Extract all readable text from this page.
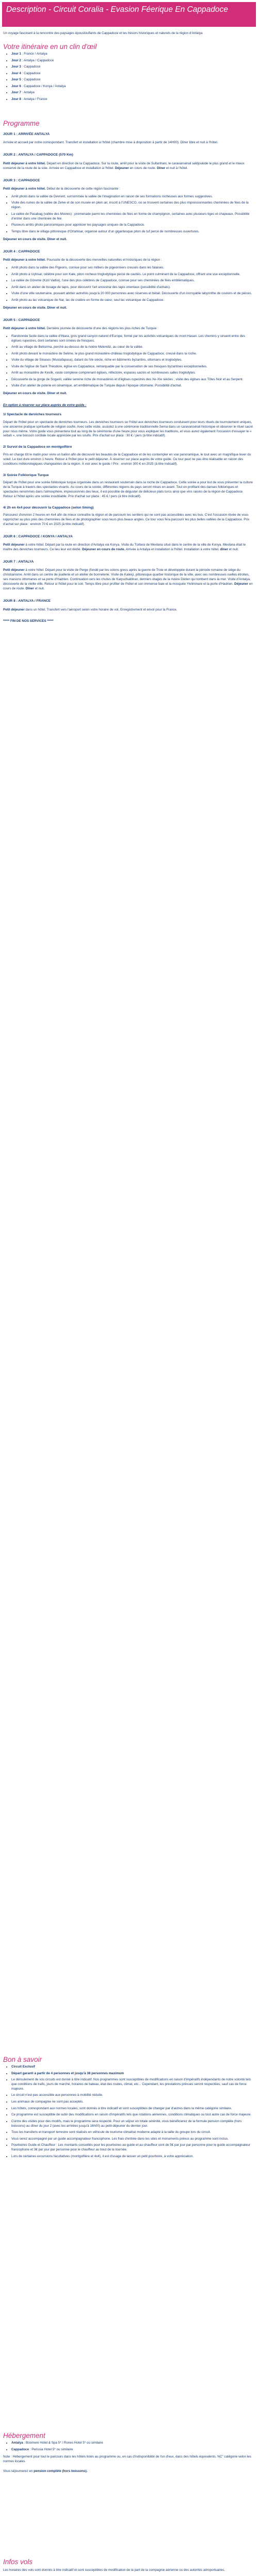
Description - Circuit Coralia - Evasion Féerique En Cappadoce

Un voyage fascinant à la rencontre des paysages époustouflants de Cappadoce et les trésors historiques et naturels de la région d'Antalya

Votre itinéraire en un clin d'œil
• Jour 1 : France / Antalya
• Jour 2 : Antalya / Cappadoce
• Jour 3 : Cappadoce
• Jour 4 : Cappadoce
• Jour 5 : Cappadoce
• Jour 6 : Cappadoce / Konya / Antalya
• Jour 7 : Antalya
• Jour 8 : Antalya / France
Programme

JOUR 1 : ARRIVÉE ANTALYA

Arrivée et accueil par notre correspondant. Transfert et installation à l'hôtel (chambre mise à disposition à partir de 14H00). Dîner libre et nuit à l'hôtel.

JOUR 2 : ANTALYA / CAPPADOCE (570 Km)

Petit déjeuner à votre hôtel. Départ en direction de la Cappadoce. Sur la route, arrêt pour la visite de Sultanhani, le caravansérail seldjoukide le plus grand et le mieux conservé de la route de la soie. Arrivée en Cappadoce et installation à l'hôtel. Déjeuner en cours de route. Dîner et nuit à l'hôtel.

JOUR 3 : CAPPADOCE

Petit déjeuner à votre hôtel. Début de la découverte de cette région fascinante :

• Arrêt photo dans la vallée de Devrent, surnommée la vallée de l'imagination en raison de ses formations rocheuses aux formes suggestives.
• Visite des ruines de la vallée de Zelve et de son musée en plein air, inscrit à l'UNESCO, où se trouvent certaines des plus impressionnantes cheminées de fées de la région.
• La vallée de Pasabag (vallée des Moines) : promenade parmi les cheminées de fées en forme de champignon, certaines avec plusieurs tiges et chapeaux. Possibilité d'entrer dans une cheminée de fée.
• Plusieurs arrêts photo panoramiques pour apprécier les paysages uniques de la Cappadoce.
• Temps libre dans le village pittoresque d'Ortahisar, organisé autour d'un gigantesque piton de tuf percé de nombreuses ouvertures.

Déjeuner en cours de visite. Dîner et nuit.

JOUR 4 : CAPPADOCE

Petit déjeuner à votre hôtel. Poursuite de la découverte des merveilles naturelles et historiques de la région :

• Arrêt photo dans la vallée des Pigeons, connue pour ses milliers de pigeonniers creusés dans les falaises.
• Arrêt photo à Uçhisar, célèbre pour son Kale, piton rocheux troglodytique percé de cavités. Le point culminant de la Cappadoce, offrant une vue exceptionnelle.
• La vallée de Göreme (Kizil Vadisi), l'une des plus célèbres de Cappadoce, connue pour ses cheminées de fées emblématiques.
• Arrêt dans un atelier de tissage de tapis, pour découvrir l'art ancestral des tapis orientaux (possibilité d'achats).
• Visite d'une ville souterraine, pouvant abriter autrefois jusqu'à 20 000 personnes avec réserves et bétail. Découverte d'un incroyable labyrinthe de couloirs et de pièces.
• Arrêt photo au lac volcanique de Nar, lac de cratère en forme de cœur, seul lac volcanique de Cappadoce.

Déjeuner en cours de visite. Dîner et nuit.

JOUR 5 : CAPPADOCE

Petit déjeuner à votre hôtel. Dernière journée de découverte d'une des régions les plus riches de Turquie :

• Randonnée facile dans la vallée d'Ihlara, gros grand canyon naturel d'Europe, formé par les activités volcaniques du mont Hasan. Les chemins y sinuent entre des églises rupestres, dont certaines sont ornées de fresques.
• Arrêt au village de Belisirma, perché au-dessus de la rivière Melendiz, au cœur de la vallée.
• Arrêt photo devant le monastère de Selime, le plus grand monastère-château troglodytique de Cappadoce, creusé dans la roche.
• Visite du village de Sinasos (Mustafapasa), datant du IVe siècle, riche en bâtiments byzantins, ottomans et troglodytes.
• Visite de l'église de Saint Théodore, église en Cappadoce, remarquable par la conservation de ses fresques byzantines exceptionnelles.
• Arrêt au monastère de Keslik, vaste complexe comprenant églises, réfectoire, espaces sacrés et nombreuses salles troglodytes.
• Découverte de la gorge de Soganli, vallée sereine riche de monastères et d'églises rupestres des Xe-XIe siècles ; visite des églises aux Tôles Noir et au Serpent.
• Visite d'un atelier de poterie en céramique, art emblématique de Turquie depuis l'époque ottomane. Possibilité d'achat.

Déjeuner en cours de visite. Dîner et nuit.

En option à réserver sur place auprès de votre guide :

1/ Spectacle de derviches tourneurs

Départ de l'hôtel pour un spectacle de derviches tourneurs. Les derviches tourneurs se l'hôtel aux derviches tourneurs conduisent pour leurs rituels de tournoiement uniques, une ancienne pratique spirituelle de religion soufie. Avec cette visite, assistez à une cérémonie traditionnelle Sema dans un caravansérail historique et observer le rituel sacré pour nous même. Votre guide vous présentera tout au long de la cérémonie d'une heure pour vous expliquer les traditions, et vous aurez également l'occasion d'essayer le « sebah », une boisson cordiale locale appréciée par les soufis. Prix d'achat sur place : 30 € / pers (à titre indicatif).

2/ Survol de la Cappadoce en montgolfière

Pris en charge tôt le matin pour vivre un ballon afin de découvrir les beautés de la Cappadoce et de les contempler en vue panoramique, le tout avec un magnifique lever du soleil. Le tout dure environ 1 heure. Retour à l'hôtel pour le petit déjeuner. À réserver sur place auprès de votre guide. Ce tour peut ne pas être réalisable en raison des conditions météorologiques changeantes de la région. À voir avec le guide / Prix : environ 300 € en 2025 (à titre indicatif).

3/ Soirée Folklorique Turque

Départ de l'hôtel pour une soirée folklorique turque organisée dans un restaurant souterrain dans la roche de Cappadoce. Cette soirée a pour but de vous présenter la culture de la Turquie à travers des spectacles vivants. Au cours de la soirée, différentes régions du pays seront mises en avant. Tout en profitant des danses folkloriques et spectacles renommés dans l'atmosphère, impressionnés des lieux, il est possible de déguster de délicieux plats turcs ainsi que vins raisins de la région de Cappadoce. Retour à l'hôtel après une soirée inoubliable. Prix d'achat sur place : 45 € / pers (à titre indicatif).

4/ 2h en 4x4 pour découvrir la Cappadoce (selon timing)

Parcourez d'environ 2 heures en 4x4 afin de mieux connaître la région et de parcourir les sentiers qui ne sont pas accessibles avec les bus. C'est l'occasion rêvée de vous rapprocher au plus près des cheminées de fées et de photographier sous leurs plus beaux angles. Ce tour vous fera parcourir les plus belles vallées de la Cappadoce. Prix d'achat sur place : environ 70 € en 2025 (à titre indicatif).

JOUR 6 : CAPPADOCE / KONYA / ANTALYA

Petit déjeuner à votre hôtel. Départ par la route en direction d'Antalya via Konya. Visite du Türbesi de Mevlana situé dans le centre de la ville de Konya. Mevlana était le maître des derviches tourneurs. Ce lieu leur est dédié. Déjeuner en cours de route. Arrivée à Antalya et installation à l'hôtel. Installation à votre hôtel, dîner et nuit.

JOUR 7 : ANTALYA

Petit déjeuner à votre hôtel. Départ pour la visite de Perge (fondé par les colons grecs après la guerre de Troie et développée durant la période romaine de siège du christianisme. Arrêt dans un centre de joaillerie et un atelier de bonneterie. Visite de Kaleiçi, pittoresque quartier historique de la ville, avec ses nombreuses ruelles étroites, ses maisons ottomanes et sa porte d'Hadrien. Continuation vers les chutes de Karpuzkaldiran, derniers étages de la rivière Düden qui tombent dans la mer. Visite d'Antalya, découverte de la vieille ville. Retour à l'hôtel pour le soir. Temps libre pour profiter de l'hôtel et son immense baie et la mosquée Yivliminare et la porte d'Hadrien. Déjeuner en cours de route. Dîner et nuit.

JOUR 8 : ANTALYA / FRANCE

Petit déjeuner dans un hôtel. Transfert vers l'aéroport selon votre horaire de vol. Enregistrement et envol pour la France.

***** FIN DE NOS SERVICES *****

Bon à savoir
• Circuit Exclusif
• Départ garanti à partir de 4 personnes et jusqu'à 38 personnes maximum
• Le déroulement de vos circuits est donné à titre indicatif. Nos programmes sont susceptibles de modifications en raison d'impératifs indépendants de notre volonté tels que conditions de trafic, jours de marché, horaires de bateau, état des routes, climat, etc... Cependant, les prestations prévues seront respectées, sauf cas de force majeure.
• Le circuit n'est pas accessible aux personnes à mobilité réduite.
• Les animaux de compagnie ne sont pas acceptés.
• Les hôtels, correspondant aux normes locales, sont donnés à titre indicatif et sont susceptibles de changer par d'autres dans la même catégorie similaire.
• Ce programme est susceptible de subir des modifications en raison d'impératifs tels que rotations aériennes, conditions climatiques ou tout autre cas de force majeure.
• Contre des visites pour des modifs, mais le programme sera respecté. Pour un séjour en totale sérénité, vous bénéficierez de la formule pension complète (hors boissons) au dîner du jour 2 (avec les arrivées jusqu'à 16h00) au petit-déjeuner du dernier jour.
• Tous les transferts et transport terrestre sont réalisés en véhicule de tourisme climatisé moderne adapté à la taille du groupe lors du circuit.
• Vous serez accompagné par un guide accompagnateur francophone. Les frais d'entrée dans les sites et monuments prévus au programme sont inclus.
• Pourboires Guide et Chauffeur : Les montants conseillés pour les pourboires au guide et au chauffeur sont de 5€ par jour par personne pour le guide accompagnateur francophone et 3€ par jour par personne pour le chauffeur au bout de la tournée.
• Lors de certaines excursions facultatives (montgolfière et 4x4), il est d'usage de laisser un petit pourboire, à votre appréciation.
Hébergement
• Antalya : Boomere Hotel & Spa 5* / Rones Hotel 5* ou similaire
• Cappadoce : Perissia Hotel 5* ou similaire

Note : Hébergement pour tout le parcours dans les hôtels listés au programme ou, en cas d'indisponibilité de l'un d'eux, dans des hôtels équivalents. NC" catégorie selon les normes locales.

Vous séjournerez en pension complète (hors boissons).

Infos vols

Les horaires des vols sont donnés à titre indicatif et sont susceptibles de modification de la part de la compagnie aérienne ou des autorités aéroportuaires.
